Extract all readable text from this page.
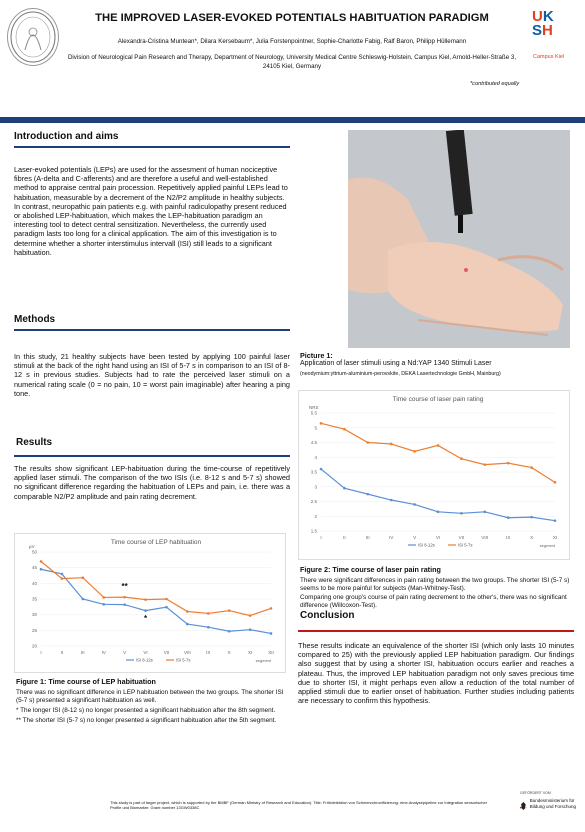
THE IMPROVED LASER-EVOKED POTENTIALS HABITUATION PARADIGM
Alexandra-Cristina Muntean*, Dilara Kersebaum*, Julia Forstenpointner, Sophie-Charlotte Fabig, Ralf Baron, Philipp Hüllemann
Division of Neurological Pain Research and Therapy, Department of Neurology, University Medical Centre Schleswig-Holstein, Campus Kiel, Arnold-Heller-Straße 3, 24105 Kiel, Germany
*contributed equally
UK
SH
Campus Kiel
Introduction and aims
Laser-evoked potentials (LEPs) are used for the assesment of human nociceptive fibres (A-delta and C-afferents) and are therefore a useful and well-established method to appraise central pain procession. Repetitively applied painful LEPs lead to habituation, measurable by a decrement of the N2/P2 amplitude in healthy subjects. In contrast, neuropathic pain patients e.g. with painful radiculopathy present reduced or abolished LEP-habituation, which makes the LEP-habituation paradigm an interesting tool to detect central sensitization. Nevertheless, the currently used paradigm lasts too long for a clinical application. The aim of this investigation is to determine whether a shorter interstimulus intervall (ISI) still leads to a significant habituation.
Methods
In this study, 21 healthy subjects have been tested by applying 100 painful laser stimuli at the back of the right hand using an ISI of 5-7 s in comparison to an ISI of 8-12 s in previous studies. Subjects had to rate the perceived laser stimuli on a numerical rating scale (0 = no pain, 10 = worst pain imaginable) after hearing a ping tone.
Results
The results show significant LEP-habituation during the time-course of repetitively applied laser stimuli. The comparison of the two ISIs (i.e. 8-12 s and 5-7 s) showed no significant difference regarding the habituation of LEPs and pain, i.e. there was a comparable N2/P2 amplitude and pain rating decrement.
Time course of LEP habituation
µV
20
25
30
35
40
45
50
I	II	III	IV	V	VI	VII	VIII	IX	X	XI	XII
segment
ISI 8-12s	ISI 5-7s
**
*
Figure 1: Time course of LEP habituation
There was no significant difference in LEP habituation between the two groups. The shorter ISI (5-7 s) presented a significant habituation as well.
* The longer ISI (8-12 s) no longer presented a significant habituation after the 8th segment.
** The shorter ISI (5-7 s) no longer presented a significant habituation after the 5th segment.
Picture 1:
Application of laser stimuli using a Nd:YAP 1340 Stimuli Laser
(neodymium:yttrium-aluminium-perovskite, DEKA Lasertechnologie GmbH, Mainburg)
Time course of laser pain rating
NRS
1.5
2
2.5
3
3.5
4
4.5
5
5.5
I	II	III	IV	V	VI	VII	VIII	IX	X	XI
segment
ISI 8-12s	ISI 5-7s
Figure 2: Time course of laser pain rating
There were significant differences in pain rating between the two groups. The shorter ISI (5-7 s) seems to be more painful for subjects (Man-Whitney-Test).
Comparing one group's course of pain rating decrement to the other's, there was no significant difference (Willcoxon-Test).
Conclusion
These results indicate an equivalence of the shorter ISI (which only lasts 10 minutes compared to 25) with the previously applied LEP habituation paradigm. Our findings also suggest that by using a shorter ISI, habituation occurs earlier and reaches a plateau. Thus, the improved LEP habituation paradigm not only saves precious time due to shorter ISI, it might perhaps even allow a reduction of the total number of applied stimuli due to earlier onset of habituation. Further studies including patients are necessary to confirm this hypothesis.
This study is part of larger project, which is supported by the BMBF (German Ministry of Research and Education). Title: Frühdetektion von Schmerzchronifizierung: eine Analysepipeline zur Integration sensorischer Profile und Biomarker. Grant number 13GW0338C
GEFÖRDERT VOM
Bundesministerium für Bildung und Forschung
